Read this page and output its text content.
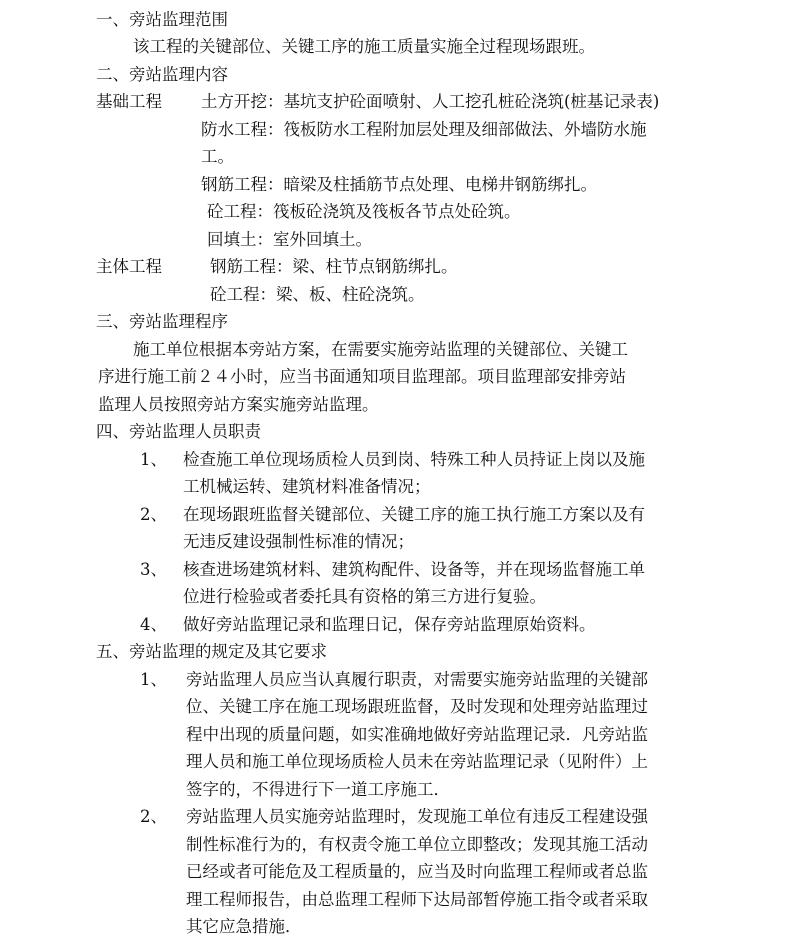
一、旁站监理范围
该工程的关键部位、关键工序的施工质量实施全过程现场跟班。
二、旁站监理内容
基础工程 土方开挖：基坑支护砼面喷射、人工挖孔桩砼浇筑(桩基记录表)
防水工程：筏板防水工程附加层处理及细部做法、外墙防水施
工。
钢筋工程：暗梁及柱插筋节点处理、电梯井钢筋绑扎。
砼工程：筏板砼浇筑及筏板各节点处砼筑。
回填土：室外回填土。
主体工程	钢筋工程：梁、柱节点钢筋绑扎。
砼工程：梁、板、柱砼浇筑。
三、旁站监理程序
施工单位根据本旁站方案，在需要实施旁站监理的关键部位、关键工
序进行施工前２４小时，应当书面通知项目监理部。项目监理部安排旁站
监理人员按照旁站方案实施旁站监理。
四、旁站监理人员职责
1、 检查施工单位现场质检人员到岗、特殊工种人员持证上岗以及施
工机械运转、建筑材料准备情况；
2、 在现场跟班监督关键部位、关键工序的施工执行施工方案以及有
无违反建设强制性标准的情况；
3、 核查进场建筑材料、建筑构配件、设备等，并在现场监督施工单
位进行检验或者委托具有资格的第三方进行复验。
4、 做好旁站监理记录和监理日记，保存旁站监理原始资料。
五、旁站监理的规定及其它要求
1、 旁站监理人员应当认真履行职责，对需要实施旁站监理的关键部
位、关键工序在施工现场跟班监督，及时发现和处理旁站监理过
程中出现的质量问题，如实准确地做好旁站监理记录．凡旁站监
理人员和施工单位现场质检人员未在旁站监理记录（见附件）上
签字的，不得进行下一道工序施工．
2、 旁站监理人员实施旁站监理时，发现施工单位有违反工程建设强
制性标准行为的，有权责令施工单位立即整改；发现其施工活动
已经或者可能危及工程质量的，应当及时向监理工程师或者总监
理工程师报告，由总监理工程师下达局部暂停施工指令或者采取
其它应急措施．
